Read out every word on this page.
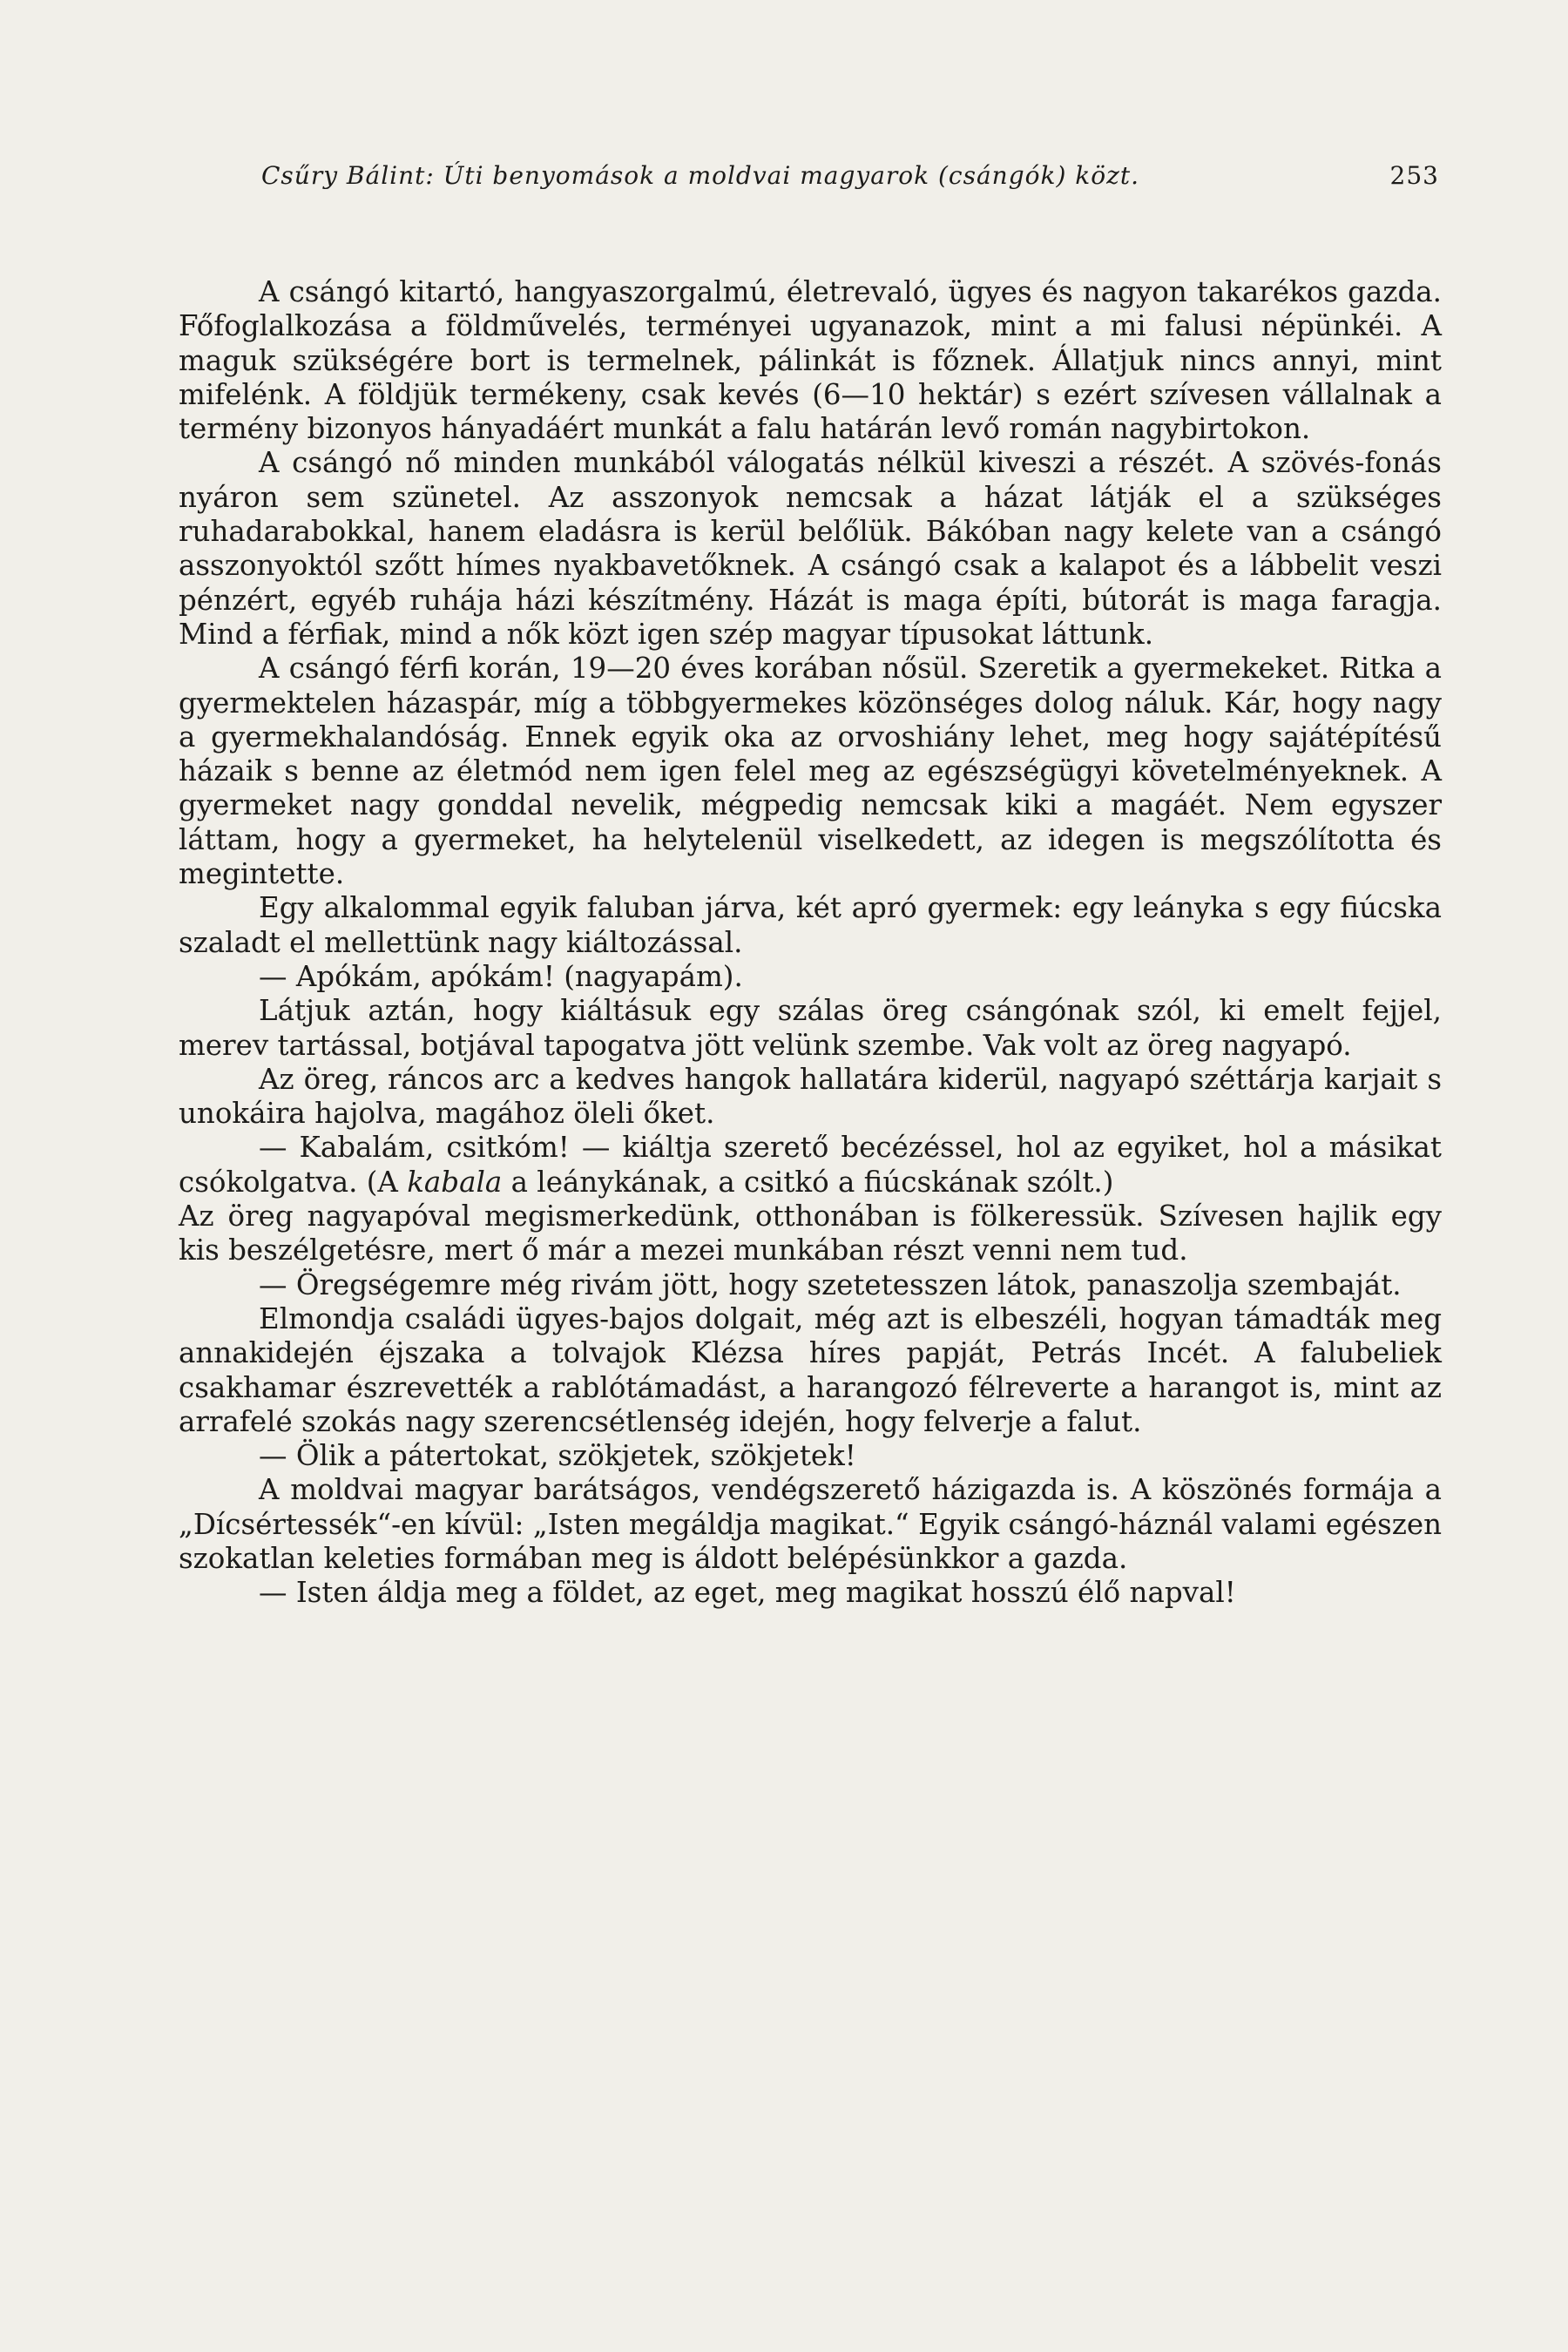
Csűry Bálint: Úti benyomások a moldvai magyarok (csángók) közt.	253

A csángó kitartó, hangyaszorgalmú, életrevaló, ügyes és nagyon takarékos gazda. Főfoglalkozása a földművelés, terményei ugyanazok, mint a mi falusi népünkéi. A maguk szükségére bort is termelnek, pálinkát is főznek. Állatjuk nincs annyi, mint mifelénk. A földjük termékeny, csak kevés (6—10 hektár) s ezért szívesen vállalnak a termény bizonyos hányadáért munkát a falu határán levő román nagybirtokon.

A csángó nő minden munkából válogatás nélkül kiveszi a részét. A szövés-fonás nyáron sem szünetel. Az asszonyok nemcsak a házat látják el a szükséges ruhadarabokkal, hanem eladásra is kerül belőlük. Bákóban nagy kelete van a csángó asszonyoktól szőtt hímes nyakbavetőknek. A csángó csak a kalapot és a lábbelit veszi pénzért, egyéb ruhája házi készítmény. Házát is maga építi, bútorát is maga faragja. Mind a férfiak, mind a nők közt igen szép magyar típusokat láttunk.

A csángó férfi korán, 19—20 éves korában nősül. Szeretik a gyermekeket. Ritka a gyermektelen házaspár, míg a többgyermekes közönséges dolog náluk. Kár, hogy nagy a gyermekhalandóság. Ennek egyik oka az orvoshiány lehet, meg hogy sajátépítésű házaik s benne az életmód nem igen felel meg az egészségügyi követelményeknek. A gyermeket nagy gonddal nevelik, mégpedig nemcsak kiki a magáét. Nem egyszer láttam, hogy a gyermeket, ha helytelenül viselkedett, az idegen is megszólította és megintette.

Egy alkalommal egyik faluban járva, két apró gyermek: egy leányka s egy fiúcska szaladt el mellettünk nagy kiáltozással.

— Apókám, apókám! (nagyapám).

Látjuk aztán, hogy kiáltásuk egy szálas öreg csángónak szól, ki emelt fejjel, merev tartással, botjával tapogatva jött velünk szembe. Vak volt az öreg nagyapó.

Az öreg, ráncos arc a kedves hangok hallatára kiderül, nagyapó széttárja karjait s unokáira hajolva, magához öleli őket.

— Kabalám, csitkóm! — kiáltja szerető becézéssel, hol az egyiket, hol a másikat csókolgatva. (A kabala a leánykának, a csitkó a fiúcskának szólt.)

Az öreg nagyapóval megismerkedünk, otthonában is fölkeressük. Szívesen hajlik egy kis beszélgetésre, mert ő már a mezei munkában részt venni nem tud.

— Öregségemre még rivám jött, hogy szetetesszen látok, panaszolja szembaját.

Elmondja családi ügyes-bajos dolgait, még azt is elbeszéli, hogyan támadták meg annakidején éjszaka a tolvajok Klézsa híres papját, Petrás Incét. A falubeliek csakhamar észrevették a rablótámadást, a harangozó félreverte a harangot is, mint az arrafelé szokás nagy szerencsétlenség idején, hogy felverje a falut.

— Ölik a pátertokat, szökjetek, szökjetek!

A moldvai magyar barátságos, vendégszerető házigazda is. A köszönés formája a „Dícsértessék“-en kívül: „Isten megáldja magikat.“ Egyik csángó-háznál valami egészen szokatlan keleties formában meg is áldott belépésünkkor a gazda.

— Isten áldja meg a földet, az eget, meg magikat hosszú élő napval!
